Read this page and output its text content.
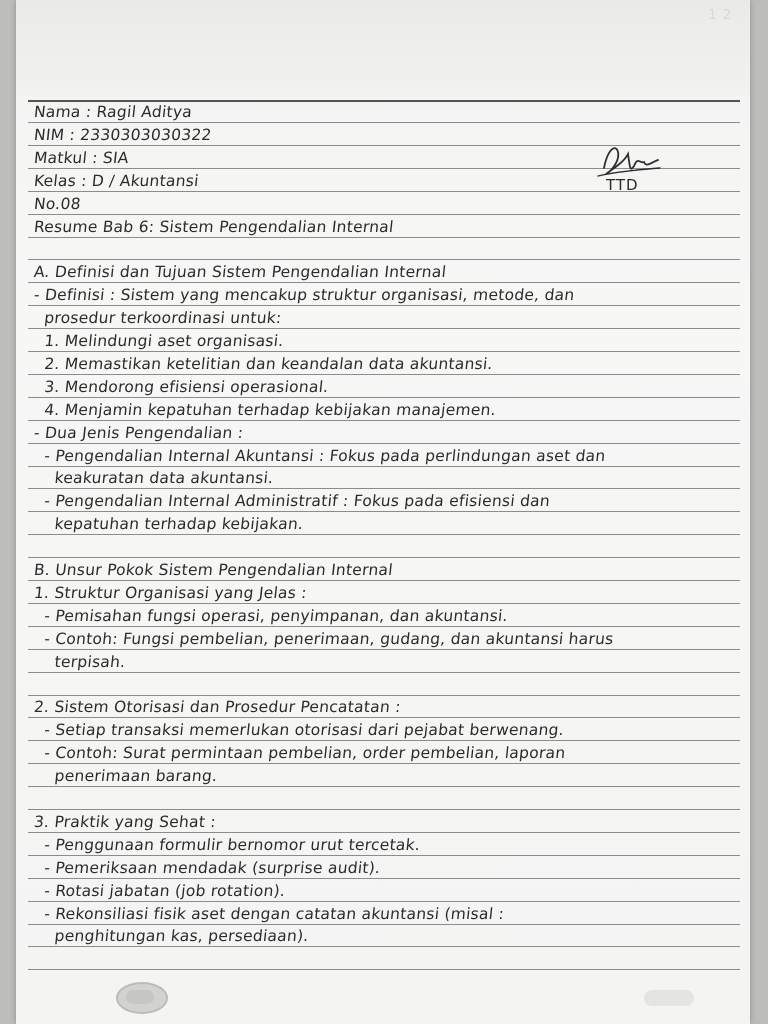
1 2
Nama : Ragil Aditya
NIM : 2330303030322
Matkul : SIA
Kelas : D / Akuntansi
No.08
Resume Bab 6: Sistem Pengendalian Internal
A. Definisi dan Tujuan Sistem Pengendalian Internal
- Definisi : Sistem yang mencakup struktur organisasi, metode, dan
prosedur terkoordinasi untuk:
1. Melindungi aset organisasi.
2. Memastikan ketelitian dan keandalan data akuntansi.
3. Mendorong efisiensi operasional.
4. Menjamin kepatuhan terhadap kebijakan manajemen.
- Dua Jenis Pengendalian :
- Pengendalian Internal Akuntansi : Fokus pada perlindungan aset dan
keakuratan data akuntansi.
- Pengendalian Internal Administratif : Fokus pada efisiensi dan
kepatuhan terhadap kebijakan.
B. Unsur Pokok Sistem Pengendalian Internal
1. Struktur Organisasi yang Jelas :
- Pemisahan fungsi operasi, penyimpanan, dan akuntansi.
- Contoh: Fungsi pembelian, penerimaan, gudang, dan akuntansi harus
terpisah.
2. Sistem Otorisasi dan Prosedur Pencatatan :
- Setiap transaksi memerlukan otorisasi dari pejabat berwenang.
- Contoh: Surat permintaan pembelian, order pembelian, laporan
penerimaan barang.
3. Praktik yang Sehat :
- Penggunaan formulir bernomor urut tercetak.
- Pemeriksaan mendadak (surprise audit).
- Rotasi jabatan (job rotation).
- Rekonsiliasi fisik aset dengan catatan akuntansi (misal :
penghitungan kas, persediaan).
TTD
